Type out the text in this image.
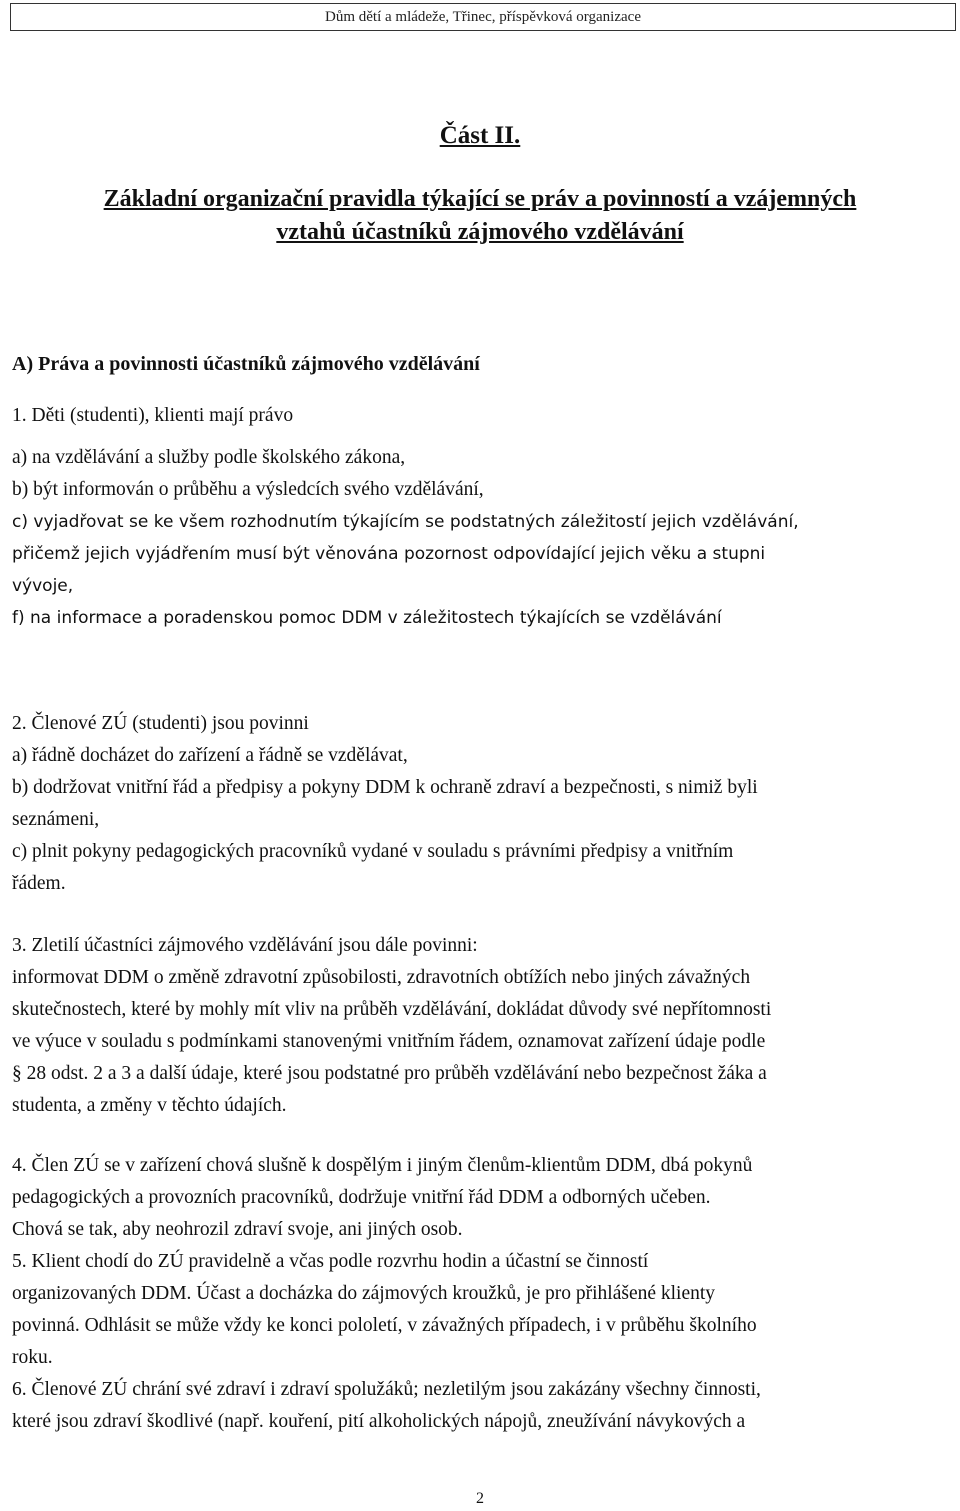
Dům dětí a mládeže, Třinec, příspěvková organizace
Část II.
Základní organizační pravidla týkající se práv a povinností a vzájemných
vztahů účastníků zájmového vzdělávání
A) Práva a povinnosti účastníků zájmového vzdělávání

1. Děti (studenti), klienti mají právo

a) na vzdělávání a služby podle školského zákona,

b) být informován o průběhu a výsledcích svého vzdělávání,

c) vyjadřovat se ke všem rozhodnutím týkajícím se podstatných záležitostí jejich vzdělávání,

přičemž jejich vyjádřením musí být věnována pozornost odpovídající jejich věku a stupni

vývoje,

f) na informace a poradenskou pomoc DDM v záležitostech týkajících se vzdělávání

2. Členové ZÚ (studenti) jsou povinni

a) řádně docházet do zařízení a řádně se vzdělávat,

b) dodržovat vnitřní řád a předpisy a pokyny DDM k ochraně zdraví a bezpečnosti, s nimiž byli

seznámeni,

c) plnit pokyny pedagogických pracovníků vydané v souladu s právními předpisy a vnitřním

řádem.

3. Zletilí účastníci zájmového vzdělávání jsou dále povinni:

informovat DDM o změně zdravotní způsobilosti, zdravotních obtížích nebo jiných závažných

skutečnostech, které by mohly mít vliv na průběh vzdělávání, dokládat důvody své nepřítomnosti

ve výuce v souladu s podmínkami stanovenými vnitřním řádem, oznamovat zařízení údaje podle

§ 28 odst. 2 a 3 a další údaje, které jsou podstatné pro průběh vzdělávání nebo bezpečnost žáka a

studenta, a změny v těchto údajích.

4. Člen ZÚ se v zařízení chová slušně k dospělým i jiným členům-klientům DDM, dbá pokynů

pedagogických a provozních pracovníků, dodržuje vnitřní řád DDM a odborných učeben.

Chová se tak, aby neohrozil zdraví svoje, ani jiných osob.

5. Klient chodí do ZÚ pravidelně a včas podle rozvrhu hodin a účastní se činností

organizovaných DDM. Účast a docházka do zájmových kroužků, je pro přihlášené klienty

povinná. Odhlásit se může vždy ke konci pololetí, v závažných případech, i v průběhu školního

roku.

6. Členové ZÚ chrání své zdraví i zdraví spolužáků; nezletilým jsou zakázány všechny činnosti,

které jsou zdraví škodlivé (např. kouření, pití alkoholických nápojů, zneužívání návykových a

2
